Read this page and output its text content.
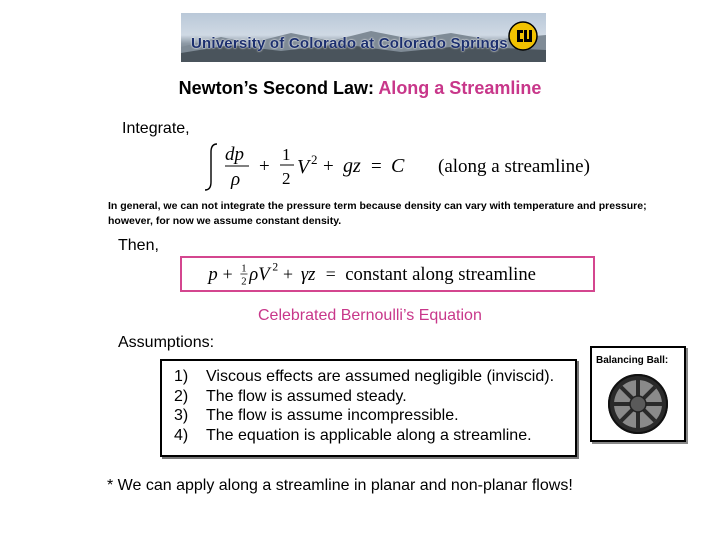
University of Colorado at Colorado Springs
Newton’s Second Law: Along a Streamline
Integrate,
dp
ρ
+
1
2
V 2 + gz = C (along a streamline)
In general, we can not integrate the pressure term because density can vary with temperature and pressure; however, for now we assume constant density.
Then,
p + 1
2 ρV 2 + γz = constant along streamline
Celebrated Bernoulli’s Equation
Assumptions:
1) Viscous effects are assumed negligible (inviscid).
2) The flow is assumed steady.
3) The flow is assume incompressible.
4) The equation is applicable along a streamline.
Balancing Ball:
* We can apply along a streamline in planar and non-planar flows!
